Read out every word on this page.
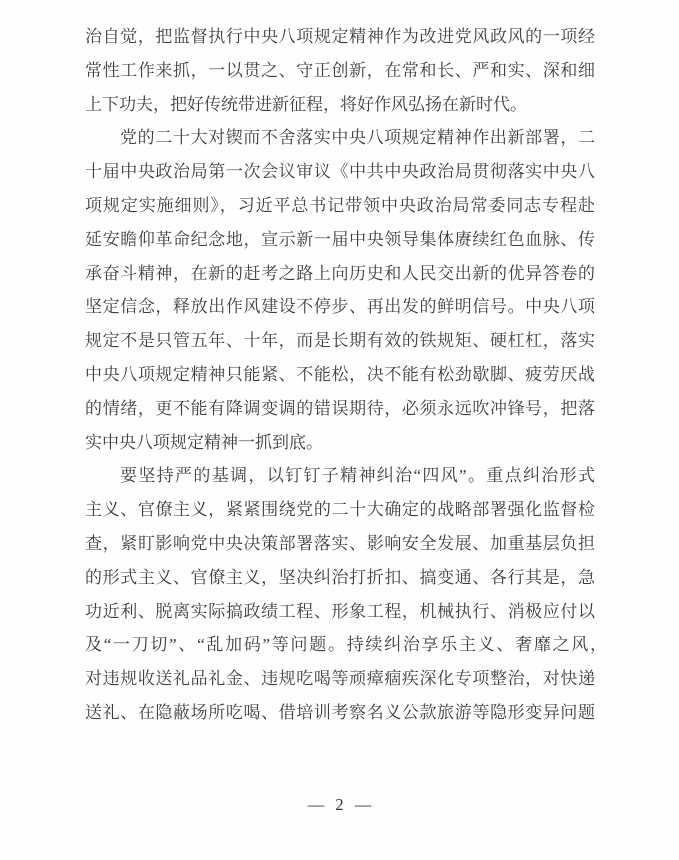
治自觉，把监督执行中央八项规定精神作为改进党风政风的一项经
常性工作来抓，一以贯之、守正创新，在常和长、严和实、深和细
上下功夫，把好传统带进新征程，将好作风弘扬在新时代。
党的二十大对锲而不舍落实中央八项规定精神作出新部署，二
十届中央政治局第一次会议审议《中共中央政治局贯彻落实中央八
项规定实施细则》，习近平总书记带领中央政治局常委同志专程赴
延安瞻仰革命纪念地，宣示新一届中央领导集体赓续红色血脉、传
承奋斗精神，在新的赶考之路上向历史和人民交出新的优异答卷的
坚定信念，释放出作风建设不停步、再出发的鲜明信号。中央八项
规定不是只管五年、十年，而是长期有效的铁规矩、硬杠杠，落实
中央八项规定精神只能紧、不能松，决不能有松劲歇脚、疲劳厌战
的情绪，更不能有降调变调的错误期待，必须永远吹冲锋号，把落
实中央八项规定精神一抓到底。
要坚持严的基调，以钉钉子精神纠治“四风”。重点纠治形式
主义、官僚主义，紧紧围绕党的二十大确定的战略部署强化监督检
查，紧盯影响党中央决策部署落实、影响安全发展、加重基层负担
的形式主义、官僚主义，坚决纠治打折扣、搞变通、各行其是，急
功近利、脱离实际搞政绩工程、形象工程，机械执行、消极应付以
及“一刀切”、“乱加码”等问题。持续纠治享乐主义、奢靡之风，
对违规收送礼品礼金、违规吃喝等顽瘴痼疾深化专项整治，对快递
送礼、在隐蔽场所吃喝、借培训考察名义公款旅游等隐形变异问题
— 2 —
